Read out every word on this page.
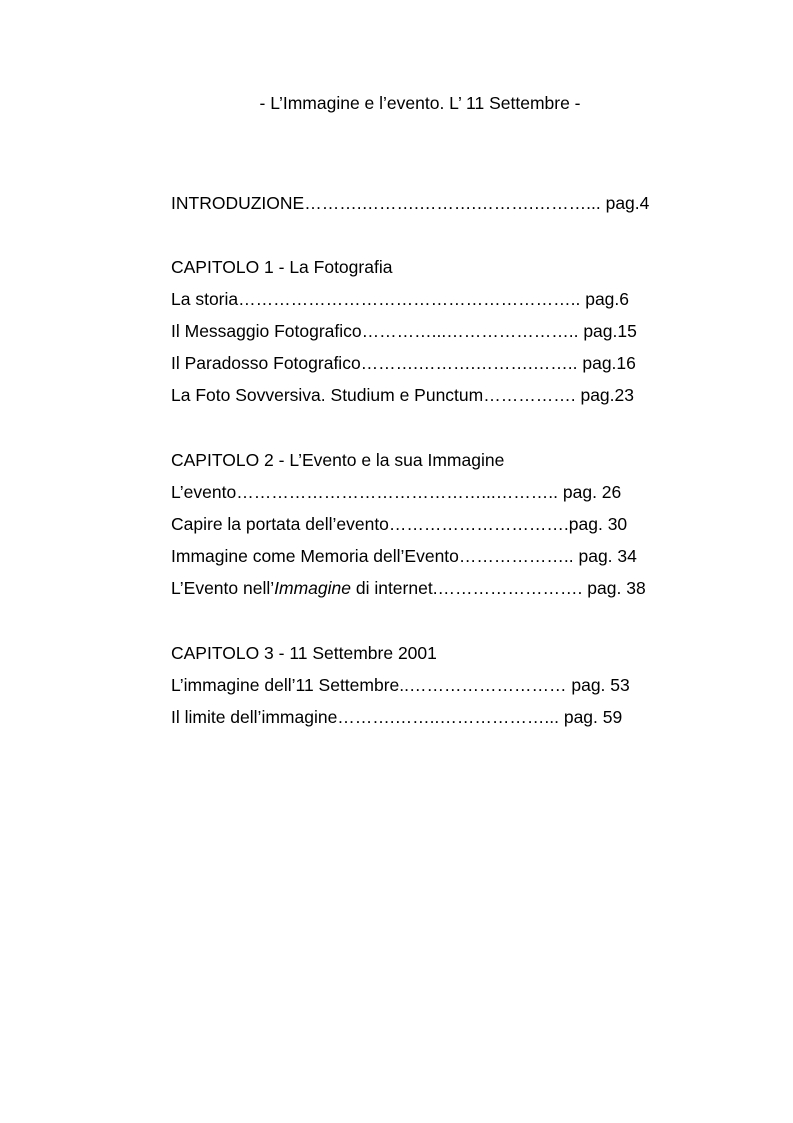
- L’Immagine e l’evento. L’ 11 Settembre -
INTRODUZIONE……….……….……….……….………... pag.4
CAPITOLO 1 - La Fotografia
La storia………………………………………………….. pag.6
Il Messaggio Fotografico…………...………………….. pag.15
Il Paradosso Fotografico……….……….……….…….. pag.16
La Foto Sovversiva. Studium e Punctum……………. pag.23
CAPITOLO 2 - L’Evento e la sua Immagine
L’evento……………………………………...……….. pag. 26
Capire la portata dell’evento………………………….pag. 30
Immagine come Memoria dell’Evento……………….. pag. 34
L’Evento nell’Immagine di internet.……………………. pag. 38
CAPITOLO 3 - 11 Settembre 2001
L’immagine dell’11 Settembre..……………………… pag. 53
Il limite dell’immagine……….……..………………... pag. 59
